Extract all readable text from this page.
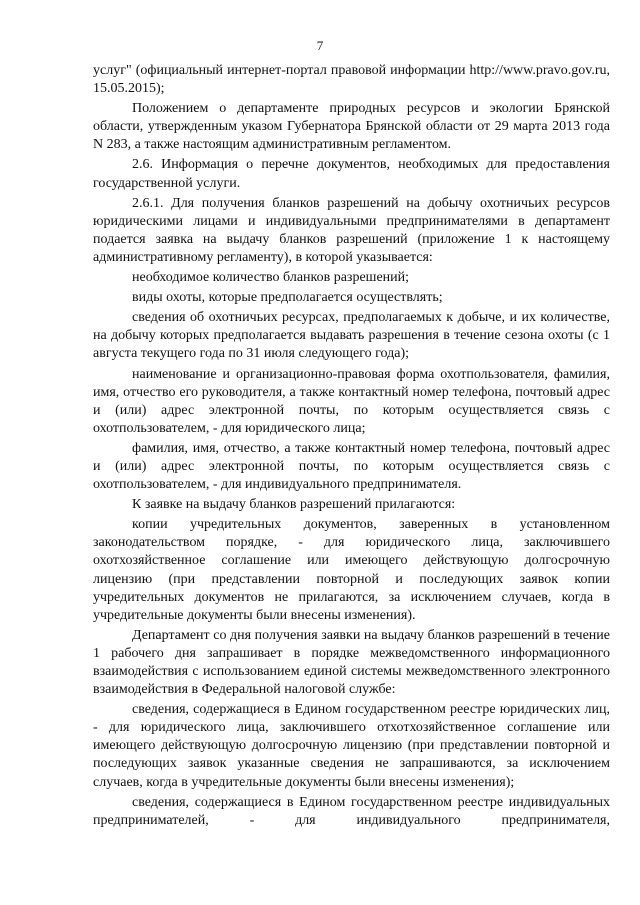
7

услуг" (официальный интернет-портал правовой информации http://www.pravo.gov.ru, 15.05.2015);

Положением о департаменте природных ресурсов и экологии Брянской области, утвержденным указом Губернатора Брянской области от 29 марта 2013 года N 283, а также настоящим административным регламентом.

2.6. Информация о перечне документов, необходимых для предоставления государственной услуги.

2.6.1. Для получения бланков разрешений на добычу охотничьих ресурсов юридическими лицами и индивидуальными предпринимателями в департамент подается заявка на выдачу бланков разрешений (приложение 1 к настоящему административному регламенту), в которой указывается:

необходимое количество бланков разрешений;

виды охоты, которые предполагается осуществлять;

сведения об охотничьих ресурсах, предполагаемых к добыче, и их количестве, на добычу которых предполагается выдавать разрешения в течение сезона охоты (с 1 августа текущего года по 31 июля следующего года);

наименование и организационно-правовая форма охотпользователя, фамилия, имя, отчество его руководителя, а также контактный номер телефона, почтовый адрес и (или) адрес электронной почты, по которым осуществляется связь с охотпользователем, - для юридического лица;

фамилия, имя, отчество, а также контактный номер телефона, почтовый адрес и (или) адрес электронной почты, по которым осуществляется связь с охотпользователем, - для индивидуального предпринимателя.

К заявке на выдачу бланков разрешений прилагаются:

копии учредительных документов, заверенных в установленном законодательством порядке, - для юридического лица, заключившего охотхозяйственное соглашение или имеющего действующую долгосрочную лицензию (при представлении повторной и последующих заявок копии учредительных документов не прилагаются, за исключением случаев, когда в учредительные документы были внесены изменения).

Департамент со дня получения заявки на выдачу бланков разрешений в течение 1 рабочего дня запрашивает в порядке межведомственного информационного взаимодействия с использованием единой системы межведомственного электронного взаимодействия в Федеральной налоговой службе:

сведения, содержащиеся в Едином государственном реестре юридических лиц, - для юридического лица, заключившего отхотхозяйственное соглашение или имеющего действующую долгосрочную лицензию (при представлении повторной и последующих заявок указанные сведения не запрашиваются, за исключением случаев, когда в учредительные документы были внесены изменения);

сведения, содержащиеся в Едином государственном реестре индивидуальных предпринимателей, - для индивидуального предпринимателя,
